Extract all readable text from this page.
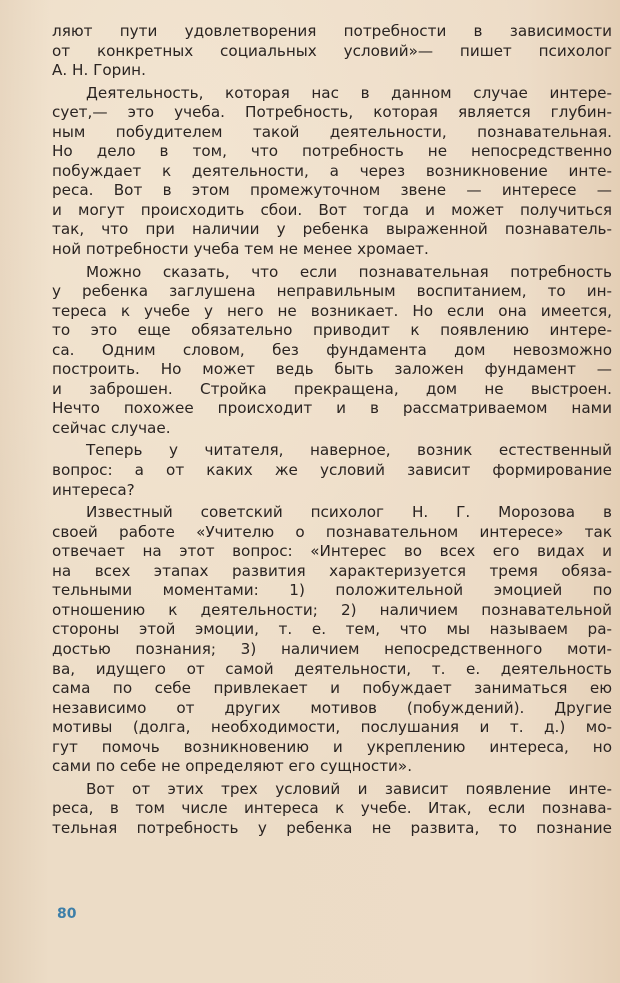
ляют пути удовлетворения потребности в зависимости
от конкретных социальных условий»— пишет психолог
А. Н. Горин.
Деятельность, которая нас в данном случае интере-
сует,— это учеба. Потребность, которая является глубин-
ным побудителем такой деятельности, познавательная.
Но дело в том, что потребность не непосредственно
побуждает к деятельности, а через возникновение инте-
реса. Вот в этом промежуточном звене — интересе —
и могут происходить сбои. Вот тогда и может получиться
так, что при наличии у ребенка выраженной познаватель-
ной потребности учеба тем не менее хромает.
Можно сказать, что если познавательная потребность
у ребенка заглушена неправильным воспитанием, то ин-
тереса к учебе у него не возникает. Но если она имеется,
то это еще обязательно приводит к появлению интере-
са. Одним словом, без фундамента дом невозможно
построить. Но может ведь быть заложен фундамент —
и заброшен. Стройка прекращена, дом не выстроен.
Нечто похожее происходит и в рассматриваемом нами
сейчас случае.
Теперь у читателя, наверное, возник естественный
вопрос: а от каких же условий зависит формирование
интереса?
Известный советский психолог Н. Г. Морозова в
своей работе «Учителю о познавательном интересе» так
отвечает на этот вопрос: «Интерес во всех его видах и
на всех этапах развития характеризуется тремя обяза-
тельными моментами: 1) положительной эмоцией по
отношению к деятельности; 2) наличием познавательной
стороны этой эмоции, т. е. тем, что мы называем ра-
достью познания; 3) наличием непосредственного моти-
ва, идущего от самой деятельности, т. е. деятельность
сама по себе привлекает и побуждает заниматься ею
независимо от других мотивов (побуждений). Другие
мотивы (долга, необходимости, послушания и т. д.) мо-
гут помочь возникновению и укреплению интереса, но
сами по себе не определяют его сущности».
Вот от этих трех условий и зависит появление инте-
реса, в том числе интереса к учебе. Итак, если познава-
тельная потребность у ребенка не развита, то познание
80
